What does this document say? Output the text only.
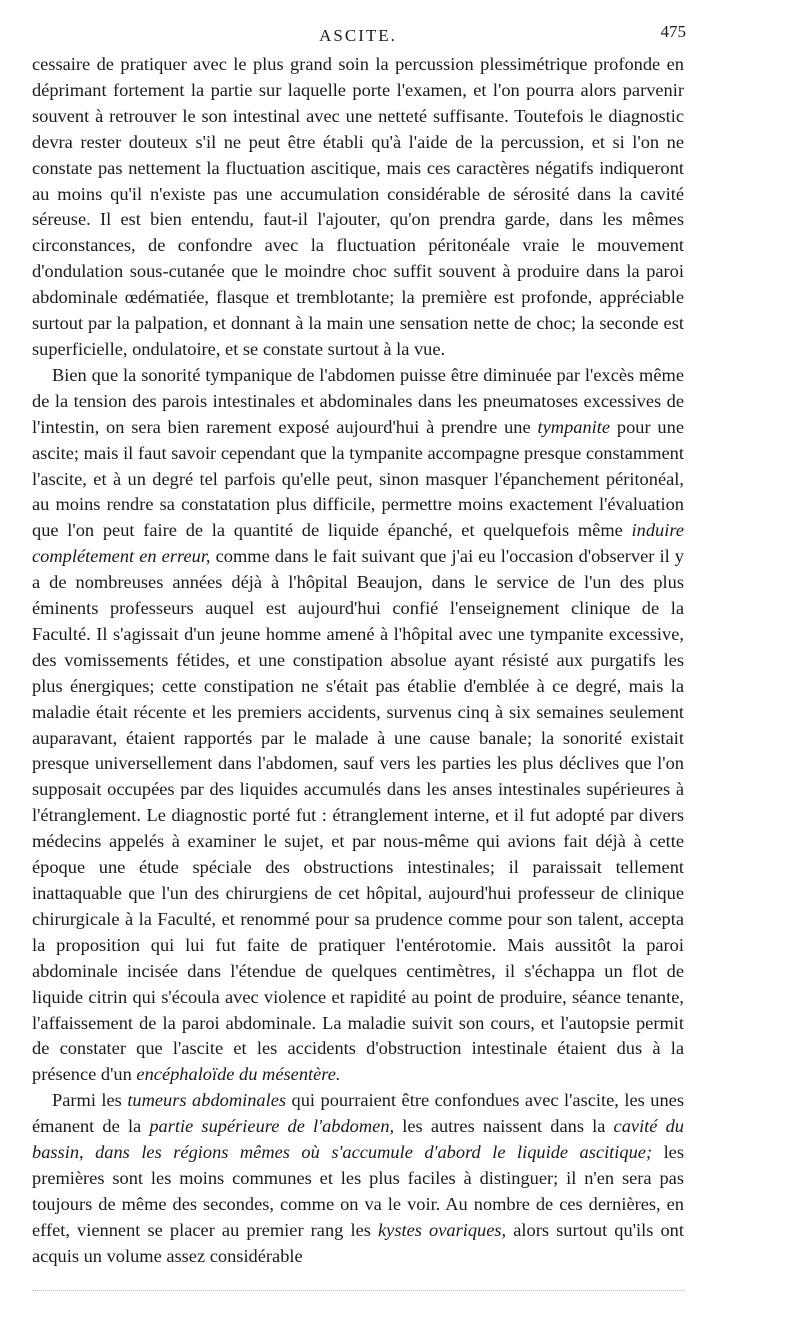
ASCITE.	475

cessaire de pratiquer avec le plus grand soin la percussion plessimétrique profonde en déprimant fortement la partie sur laquelle porte l'examen, et l'on pourra alors parvenir souvent à retrouver le son intestinal avec une netteté suffisante. Toutefois le diagnostic devra rester douteux s'il ne peut être établi qu'à l'aide de la percussion, et si l'on ne constate pas nettement la fluctuation ascitique, mais ces caractères négatifs indiqueront au moins qu'il n'existe pas une accumulation considérable de sérosité dans la cavité séreuse. Il est bien entendu, faut-il l'ajouter, qu'on prendra garde, dans les mêmes circonstances, de confondre avec la fluctuation péritonéale vraie le mouvement d'ondulation sous-cutanée que le moindre choc suffit souvent à produire dans la paroi abdominale œdématiée, flasque et tremblotante; la première est profonde, appréciable surtout par la palpation, et donnant à la main une sensation nette de choc; la seconde est superficielle, ondulatoire, et se constate surtout à la vue.

Bien que la sonorité tympanique de l'abdomen puisse être diminuée par l'excès même de la tension des parois intestinales et abdominales dans les pneumatoses excessives de l'intestin, on sera bien rarement exposé aujourd'hui à prendre une tympanite pour une ascite; mais il faut savoir cependant que la tympanite accompagne presque constamment l'ascite, et à un degré tel parfois qu'elle peut, sinon masquer l'épanchement péritonéal, au moins rendre sa constatation plus difficile, permettre moins exactement l'évaluation que l'on peut faire de la quantité de liquide épanché, et quelquefois même induire complétement en erreur, comme dans le fait suivant que j'ai eu l'occasion d'observer il y a de nombreuses années déjà à l'hôpital Beaujon, dans le service de l'un des plus éminents professeurs auquel est aujourd'hui confié l'enseignement clinique de la Faculté. Il s'agissait d'un jeune homme amené à l'hôpital avec une tympanite excessive, des vomissements fétides, et une constipation absolue ayant résisté aux purgatifs les plus énergiques; cette constipation ne s'était pas établie d'emblée à ce degré, mais la maladie était récente et les premiers accidents, survenus cinq à six semaines seulement auparavant, étaient rapportés par le malade à une cause banale; la sonorité existait presque universellement dans l'abdomen, sauf vers les parties les plus déclives que l'on supposait occupées par des liquides accumulés dans les anses intestinales supérieures à l'étranglement. Le diagnostic porté fut : étranglement interne, et il fut adopté par divers médecins appelés à examiner le sujet, et par nous-même qui avions fait déjà à cette époque une étude spéciale des obstructions intestinales; il paraissait tellement inattaquable que l'un des chirurgiens de cet hôpital, aujourd'hui professeur de clinique chirurgicale à la Faculté, et renommé pour sa prudence comme pour son talent, accepta la proposition qui lui fut faite de pratiquer l'entérotomie. Mais aussitôt la paroi abdominale incisée dans l'étendue de quelques centimètres, il s'échappa un flot de liquide citrin qui s'écoula avec violence et rapidité au point de produire, séance tenante, l'affaissement de la paroi abdominale. La maladie suivit son cours, et l'autopsie permit de constater que l'ascite et les accidents d'obstruction intestinale étaient dus à la présence d'un encéphaloïde du mésentère.

Parmi les tumeurs abdominales qui pourraient être confondues avec l'ascite, les unes émanent de la partie supérieure de l'abdomen, les autres naissent dans la cavité du bassin, dans les régions mêmes où s'accumule d'abord le liquide ascitique; les premières sont les moins communes et les plus faciles à distinguer; il n'en sera pas toujours de même des secondes, comme on va le voir. Au nombre de ces dernières, en effet, viennent se placer au premier rang les kystes ovariques, alors surtout qu'ils ont acquis un volume assez considérable
